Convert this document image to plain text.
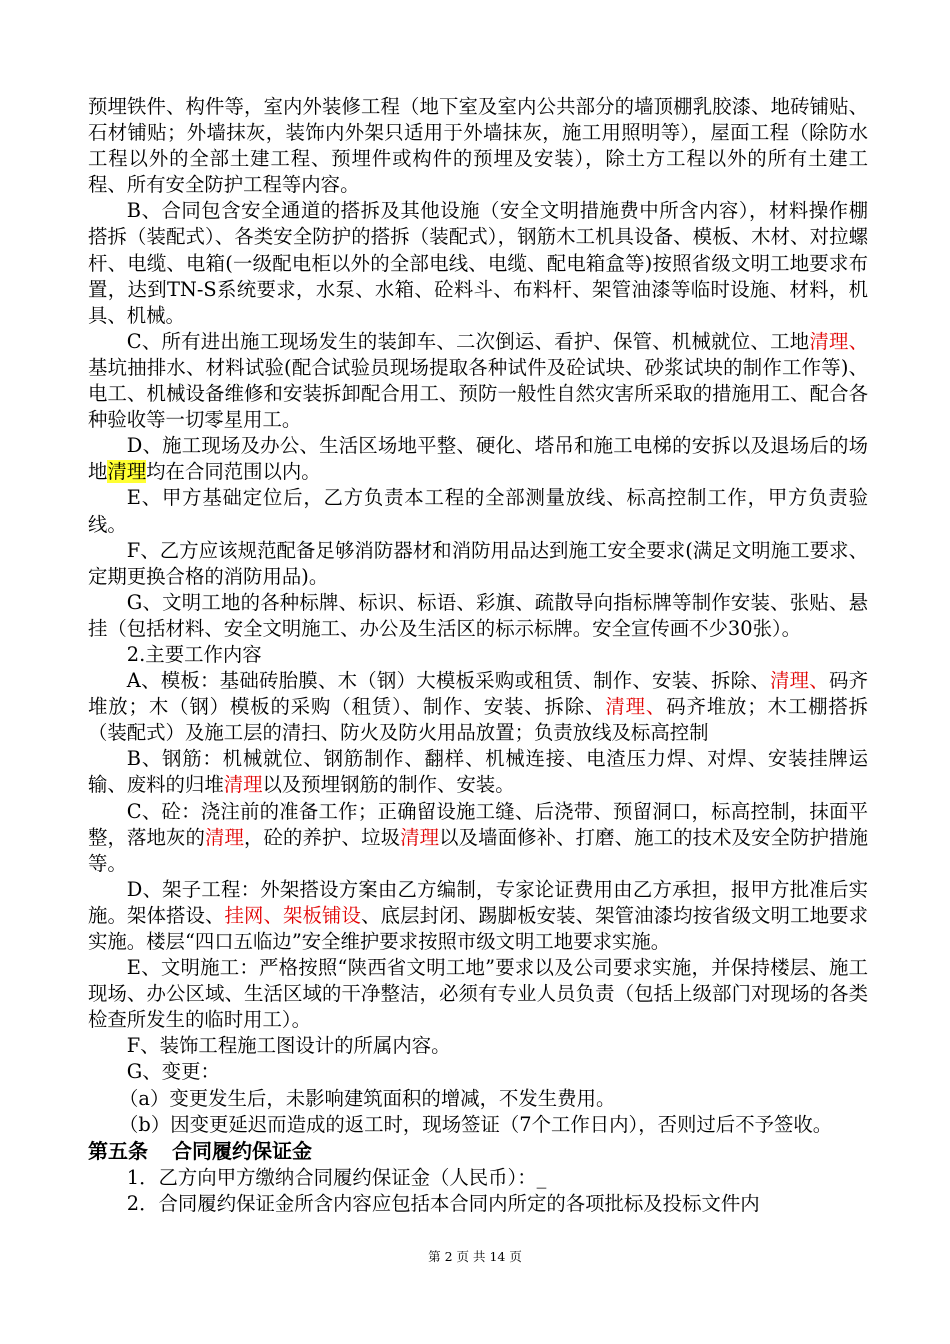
预埋铁件、构件等，室内外装修工程（地下室及室内公共部分的墙顶棚乳胶漆、地砖铺贴、石材铺贴；外墙抹灰，装饰内外架只适用于外墙抹灰，施工用照明等），屋面工程（除防水工程以外的全部土建工程、预埋件或构件的预埋及安装），除土方工程以外的所有土建工程、所有安全防护工程等内容。

B、合同包含安全通道的搭拆及其他设施（安全文明措施费中所含内容），材料操作棚搭拆（装配式）、各类安全防护的搭拆（装配式），钢筋木工机具设备、模板、木材、对拉螺杆、电缆、电箱(一级配电柜以外的全部电线、电缆、配电箱盒等)按照省级文明工地要求布置，达到TN-S系统要求，水泵、水箱、砼料斗、布料杆、架管油漆等临时设施、材料，机具、机械。

C、所有进出施工现场发生的装卸车、二次倒运、看护、保管、机械就位、工地清理、基坑抽排水、材料试验(配合试验员现场提取各种试件及砼试块、砂浆试块的制作工作等)、电工、机械设备维修和安装拆卸配合用工、预防一般性自然灾害所采取的措施用工、配合各种验收等一切零星用工。

D、施工现场及办公、生活区场地平整、硬化、塔吊和施工电梯的安拆以及退场后的场地清理均在合同范围以内。

E、甲方基础定位后，乙方负责本工程的全部测量放线、标高控制工作，甲方负责验线。

F、乙方应该规范配备足够消防器材和消防用品达到施工安全要求(满足文明施工要求、定期更换合格的消防用品)。

G、文明工地的各种标牌、标识、标语、彩旗、疏散导向指标牌等制作安装、张贴、悬挂（包括材料、安全文明施工、办公及生活区的标示标牌。安全宣传画不少30张）。

2.主要工作内容

A、模板：基础砖胎膜、木（钢）大模板采购或租赁、制作、安装、拆除、清理、码齐堆放；木（钢）模板的采购（租赁）、制作、安装、拆除、清理、码齐堆放；木工棚搭拆（装配式）及施工层的清扫、防火及防火用品放置；负责放线及标高控制

B、钢筋：机械就位、钢筋制作、翻样、机械连接、电渣压力焊、对焊、安装挂牌运输、废料的归堆清理以及预埋钢筋的制作、安装。

C、砼：浇注前的准备工作；正确留设施工缝、后浇带、预留洞口，标高控制，抹面平整，落地灰的清理，砼的养护、垃圾清理以及墙面修补、打磨、施工的技术及安全防护措施等。

D、架子工程：外架搭设方案由乙方编制，专家论证费用由乙方承担，报甲方批准后实施。架体搭设、挂网、架板铺设、底层封闭、踢脚板安装、架管油漆均按省级文明工地要求实施。楼层“四口五临边”安全维护要求按照市级文明工地要求实施。

E、文明施工：严格按照“陕西省文明工地”要求以及公司要求实施，并保持楼层、施工现场、办公区域、生活区域的干净整洁，必须有专业人员负责（包括上级部门对现场的各类检查所发生的临时用工）。

F、装饰工程施工图设计的所属内容。

G、变更：

（a）变更发生后，未影响建筑面积的增减，不发生费用。

（b）因变更延迟而造成的返工时，现场签证（7个工作日内），否则过后不予签收。

第五条 合同履约保证金

1．乙方向甲方缴纳合同履约保证金（人民币）：_

2．合同履约保证金所含内容应包括本合同内所定的各项批标及投标文件内

第 2 页 共 14 页
